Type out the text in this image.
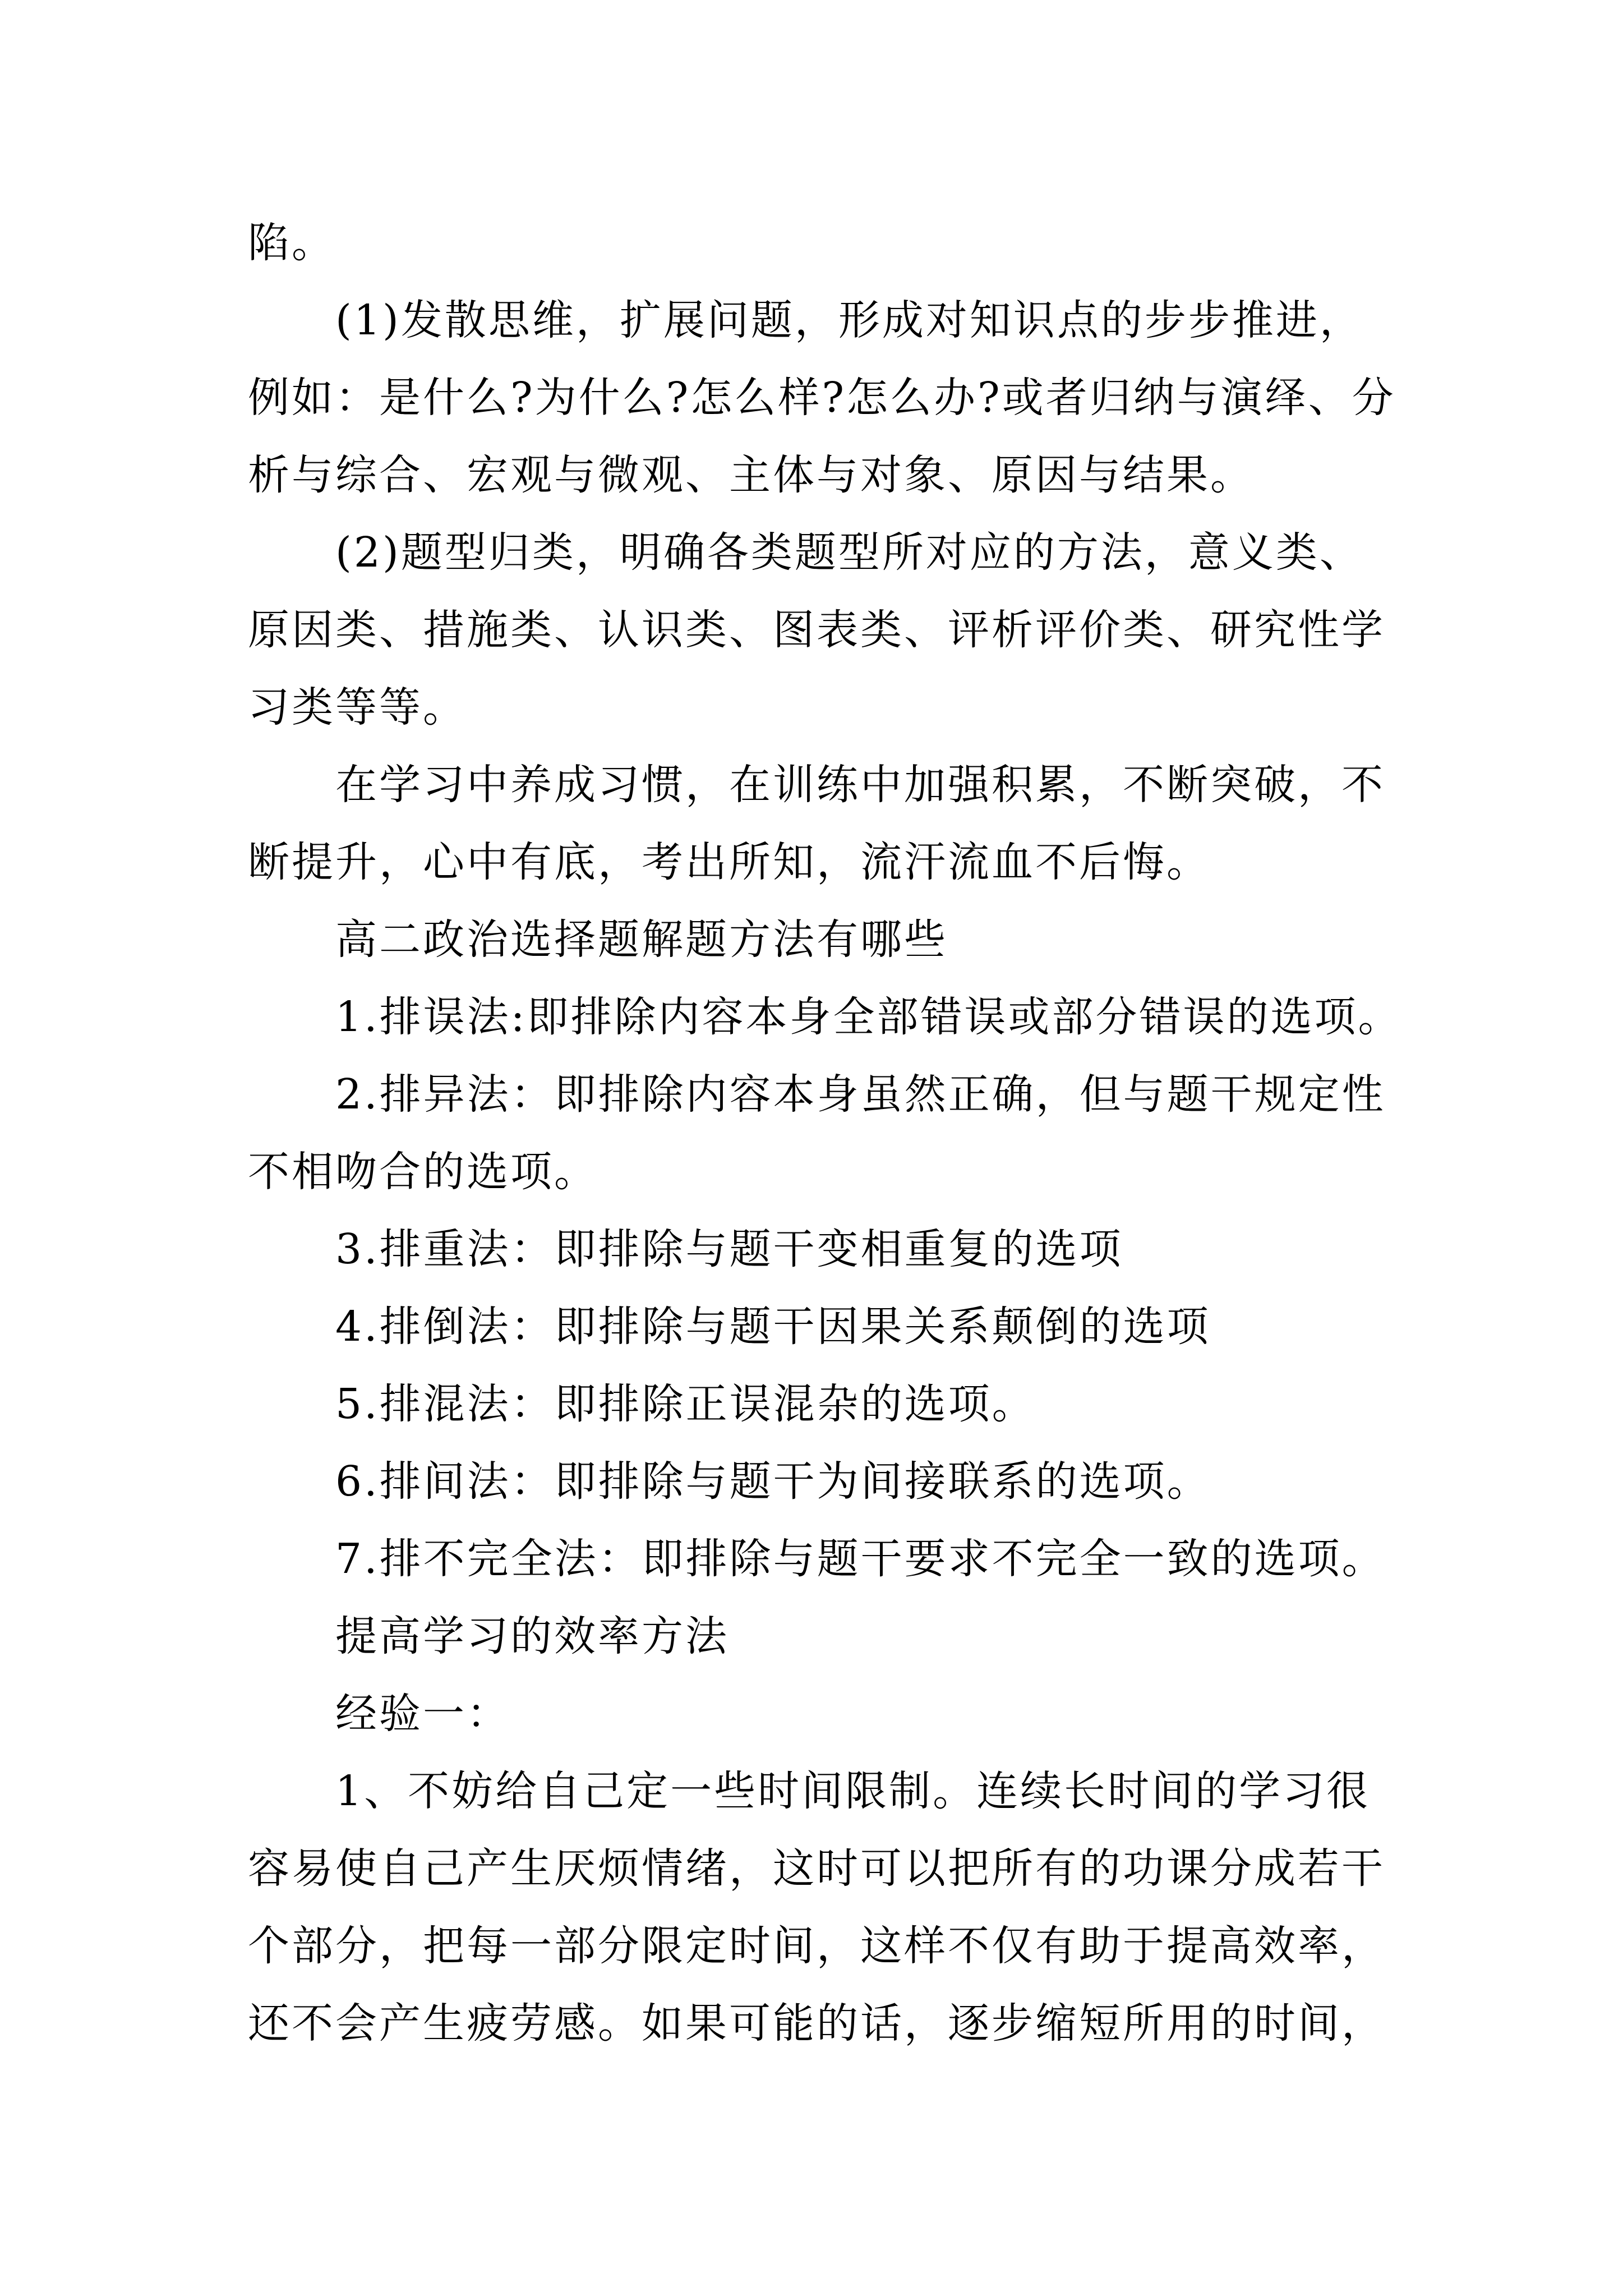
陷。
(1)发散思维，扩展问题，形成对知识点的步步推进，
例如：是什么?为什么?怎么样?怎么办?或者归纳与演绎、分
析与综合、宏观与微观、主体与对象、原因与结果。
(2)题型归类，明确各类题型所对应的方法，意义类、
原因类、措施类、认识类、图表类、评析评价类、研究性学
习类等等。
在学习中养成习惯，在训练中加强积累，不断突破，不
断提升，心中有底，考出所知，流汗流血不后悔。
高二政治选择题解题方法有哪些
1.排误法:即排除内容本身全部错误或部分错误的选项。
2.排异法：即排除内容本身虽然正确，但与题干规定性
不相吻合的选项。
3.排重法：即排除与题干变相重复的选项
4.排倒法：即排除与题干因果关系颠倒的选项
5.排混法：即排除正误混杂的选项。
6.排间法：即排除与题干为间接联系的选项。
7.排不完全法：即排除与题干要求不完全一致的选项。
提高学习的效率方法
经验一：
1、不妨给自己定一些时间限制。连续长时间的学习很
容易使自己产生厌烦情绪，这时可以把所有的功课分成若干
个部分，把每一部分限定时间，这样不仅有助于提高效率，
还不会产生疲劳感。如果可能的话，逐步缩短所用的时间，
